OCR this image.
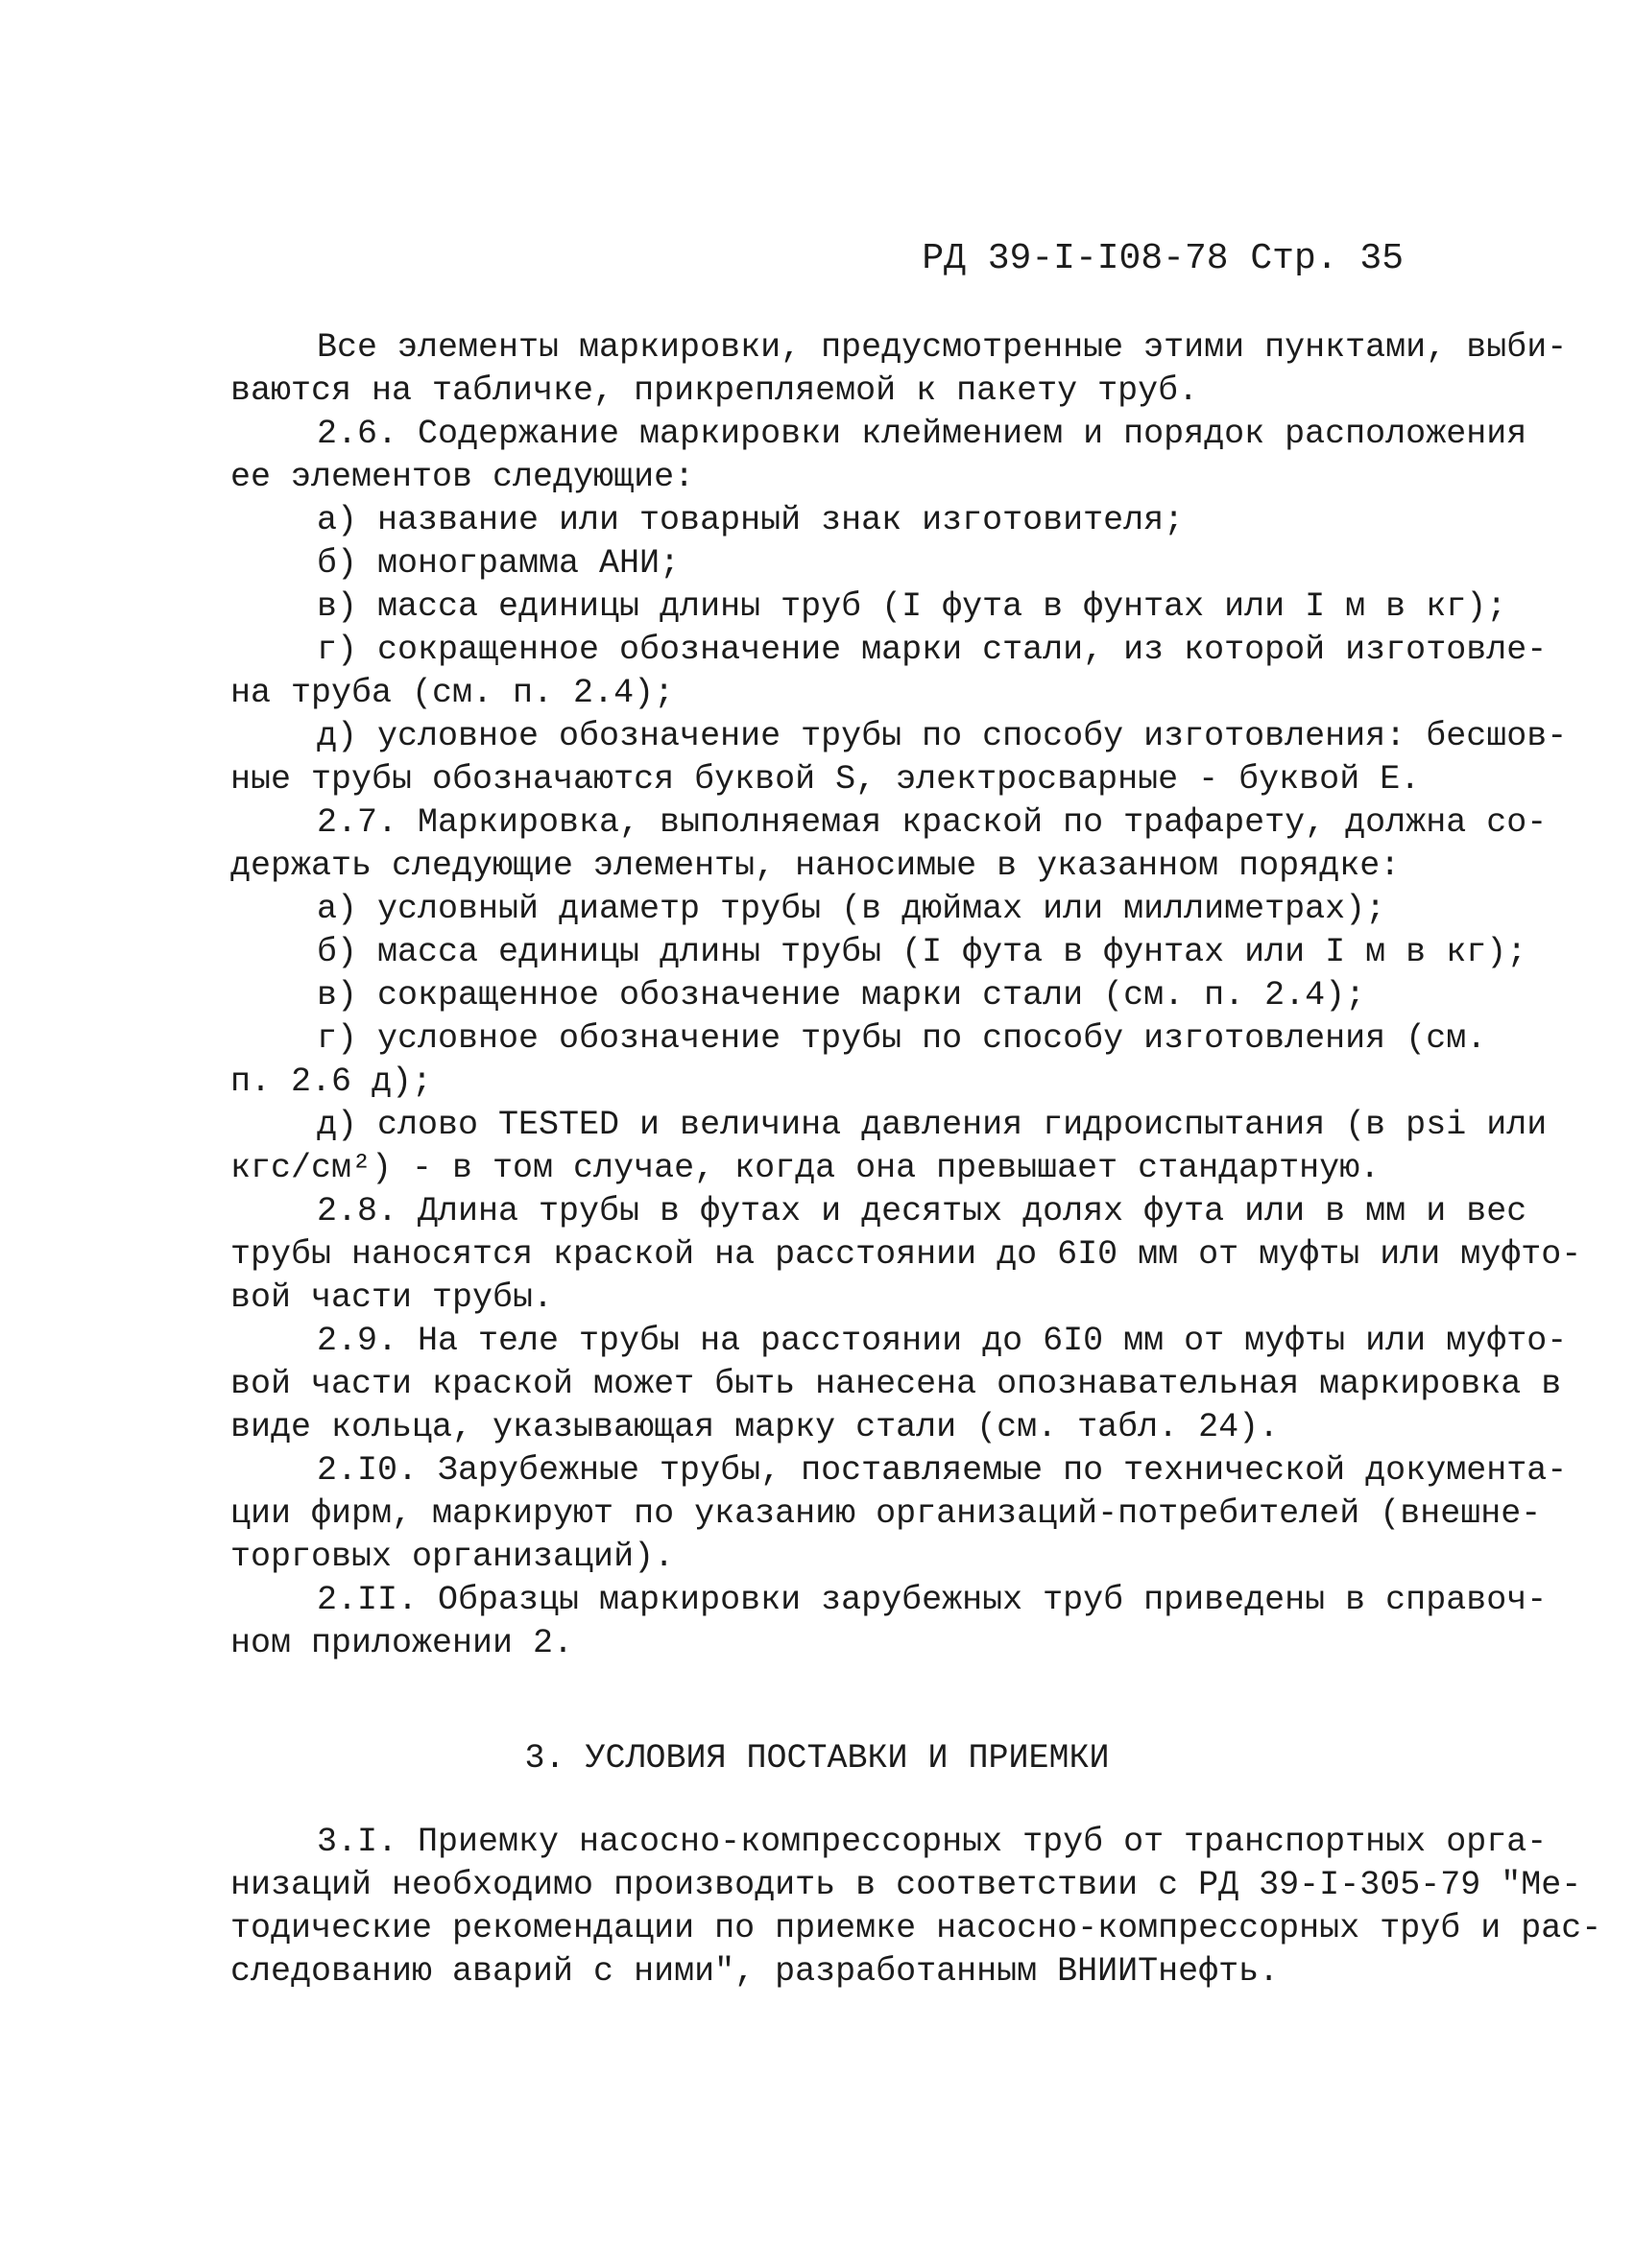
РД 39-I-I08-78 Стр. 35
Все элементы маркировки, предусмотренные этими пунктами, выби-
ваются на табличке, прикрепляемой к пакету труб.
2.6. Содержание маркировки клеймением и порядок расположения
ее элементов следующие:
а) название или товарный знак изготовителя;
б) монограмма АНИ;
в) масса единицы длины труб (I фута в фунтах или I м в кг);
г) сокращенное обозначение марки стали, из которой изготовле-
на труба (см. п. 2.4);
д) условное обозначение трубы по способу изготовления: бесшов-
ные трубы обозначаются буквой S, электросварные - буквой Е.
2.7. Маркировка, выполняемая краской по трафарету, должна со-
держать следующие элементы, наносимые в указанном порядке:
а) условный диаметр трубы (в дюймах или миллиметрах);
б) масса единицы длины трубы (I фута в фунтах или I м в кг);
в) сокращенное обозначение марки стали (см. п. 2.4);
г) условное обозначение трубы по способу изготовления (см.
п. 2.6 д);
д) слово TESTED и величина давления гидроиспытания (в psi или
кгс/см²) - в том случае, когда она превышает стандартную.
2.8. Длина трубы в футах и десятых долях фута или в мм и вес
трубы наносятся краской на расстоянии до 6I0 мм от муфты или муфто-
вой части трубы.
2.9. На теле трубы на расстоянии до 6I0 мм от муфты или муфто-
вой части краской может быть нанесена опознавательная маркировка в
виде кольца, указывающая марку стали (см. табл. 24).
2.I0. Зарубежные трубы, поставляемые по технической документа-
ции фирм, маркируют по указанию организаций-потребителей (внешне-
торговых организаций).
2.II. Образцы маркировки зарубежных труб приведены в справоч-
ном приложении 2.
3. УСЛОВИЯ ПОСТАВКИ И ПРИЕМКИ
3.I. Приемку насосно-компрессорных труб от транспортных орга-
низаций необходимо производить в соответствии с РД 39-I-305-79 "Ме-
тодические рекомендации по приемке насосно-компрессорных труб и рас-
следованию аварий с ними", разработанным ВНИИТнефть.
